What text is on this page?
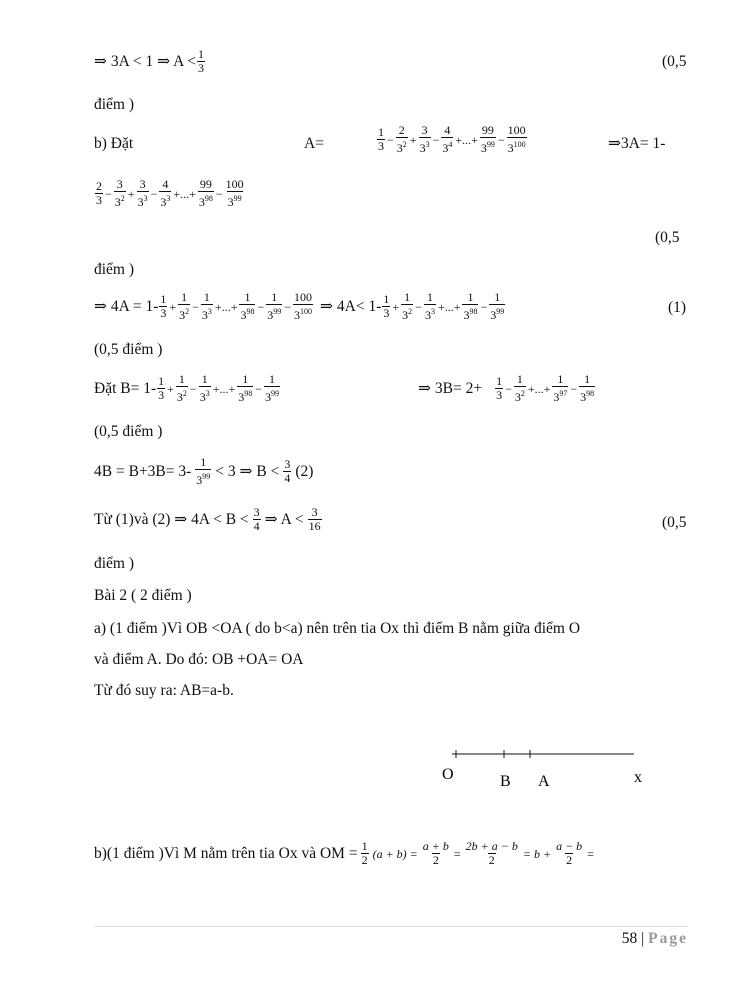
⇒ 3A < 1 ⇒ A < 1
3	(0,5
điểm )
b) Đặt	A=
1
$3 - \frac{2}{3^2} + \frac{3}{3^3} - \frac{4}{3^4}$ +...+ $\frac{99}{3^{99}} - \frac{100}{3^{100}}$	⇒3A= 1-
2
$3 - \frac{3}{3^2} + \frac{3}{3^3} - \frac{4}{3^3}$ +...+ $\frac{99}{3^{98}} - \frac{100}{3^{99}}$
(0,5
điểm )
⇒ 4A = 1- 1
$3 + \frac{1}{3^2} - \frac{1}{3^3}$ +...+ $\frac{1}{3^{98}} - \frac{1}{3^{99}} - \frac{100}{3^{100}}$ ⇒ 4A< 1- 1
$3 + \frac{1}{3^2} - \frac{1}{3^3}$ +...+ $\frac{1}{3^{98}} - \frac{1}{3^{99}}$	(1)
(0,5 điểm )
Đặt B= 1- 1
$3 + \frac{1}{3^2} - \frac{1}{3^3}$ +...+ $\frac{1}{3^{98}} - \frac{1}{3^{99}}$	⇒ 3B= 2+ 1
$3 - \frac{1}{3^2}$ +...+ $\frac{1}{3^{97}} - \frac{1}{3^{98}}$
(0,5 điểm )
4B = B+3B= 3-
1
$3^{99} < 3$ ⇒ B < 3
4 (2)
Từ (1)và (2) ⇒ 4A < B < 3
4 ⇒ A < 3
16	(0,5
điểm )
Bài 2 ( 2 điểm )
a) (1 điểm )Vì OB <OA ( do b<a) nên trên tia Ox thì điểm B nằm giữa điểm O
và điểm A. Do đó: OB +OA= OA
Từ đó suy ra: AB=a-b.
O	B A	x
b)(1 điểm )Vì M nằm trên tia Ox và OM = $\frac{1}{2} (a + b) = \frac{a + b}{2} = \frac{2b + a - b}{2} = b + \frac{a - b}{2}$ =
58 | Page
